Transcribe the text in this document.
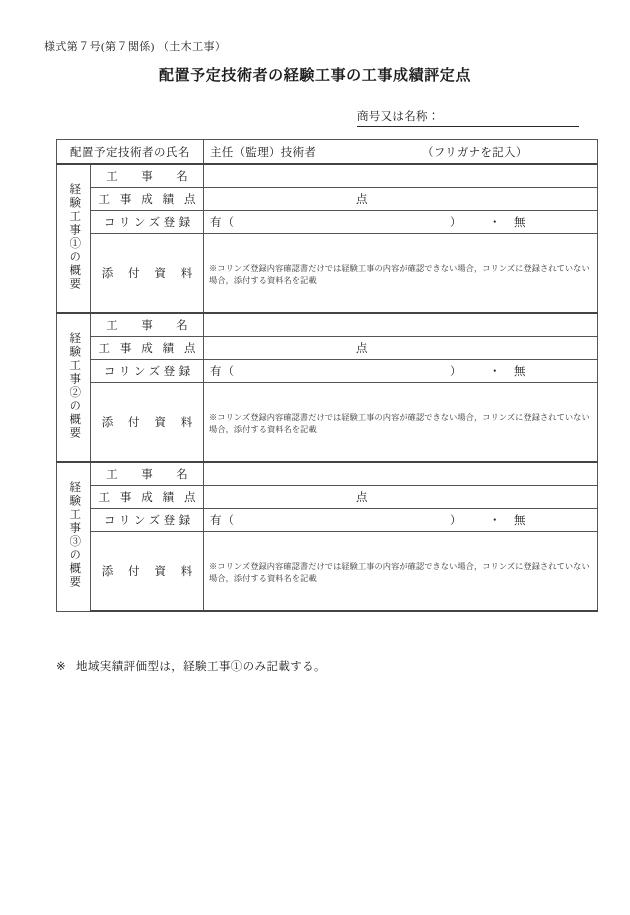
様式第７号(第７関係) （土木工事）
配置予定技術者の経験工事の工事成績評定点
商号又は名称：
配置予定技術者の氏名		主任（監理）技術者 （フリガナを記入）

経験工事①の概要	工　事　名	
	工 事 成 績 点	点

	コリンズ登録	有（ ） ・ 無

	添 付 資 料	※コリンズ登録内容確認書だけでは経験工事の内容が確認できない場合，コリンズに登録されていない場合，添付する資料名を記載

経験工事②の概要	工　事　名	
	工 事 成 績 点	点

	コリンズ登録	有（ ） ・ 無

	添 付 資 料	※コリンズ登録内容確認書だけでは経験工事の内容が確認できない場合，コリンズに登録されていない場合，添付する資料名を記載

経験工事③の概要	工　事　名	
	工 事 成 績 点	点

	コリンズ登録	有（ ） ・ 無

	添 付 資 料	※コリンズ登録内容確認書だけでは経験工事の内容が確認できない場合，コリンズに登録されていない場合，添付する資料名を記載
※ 地域実績評価型は，経験工事①のみ記載する。
